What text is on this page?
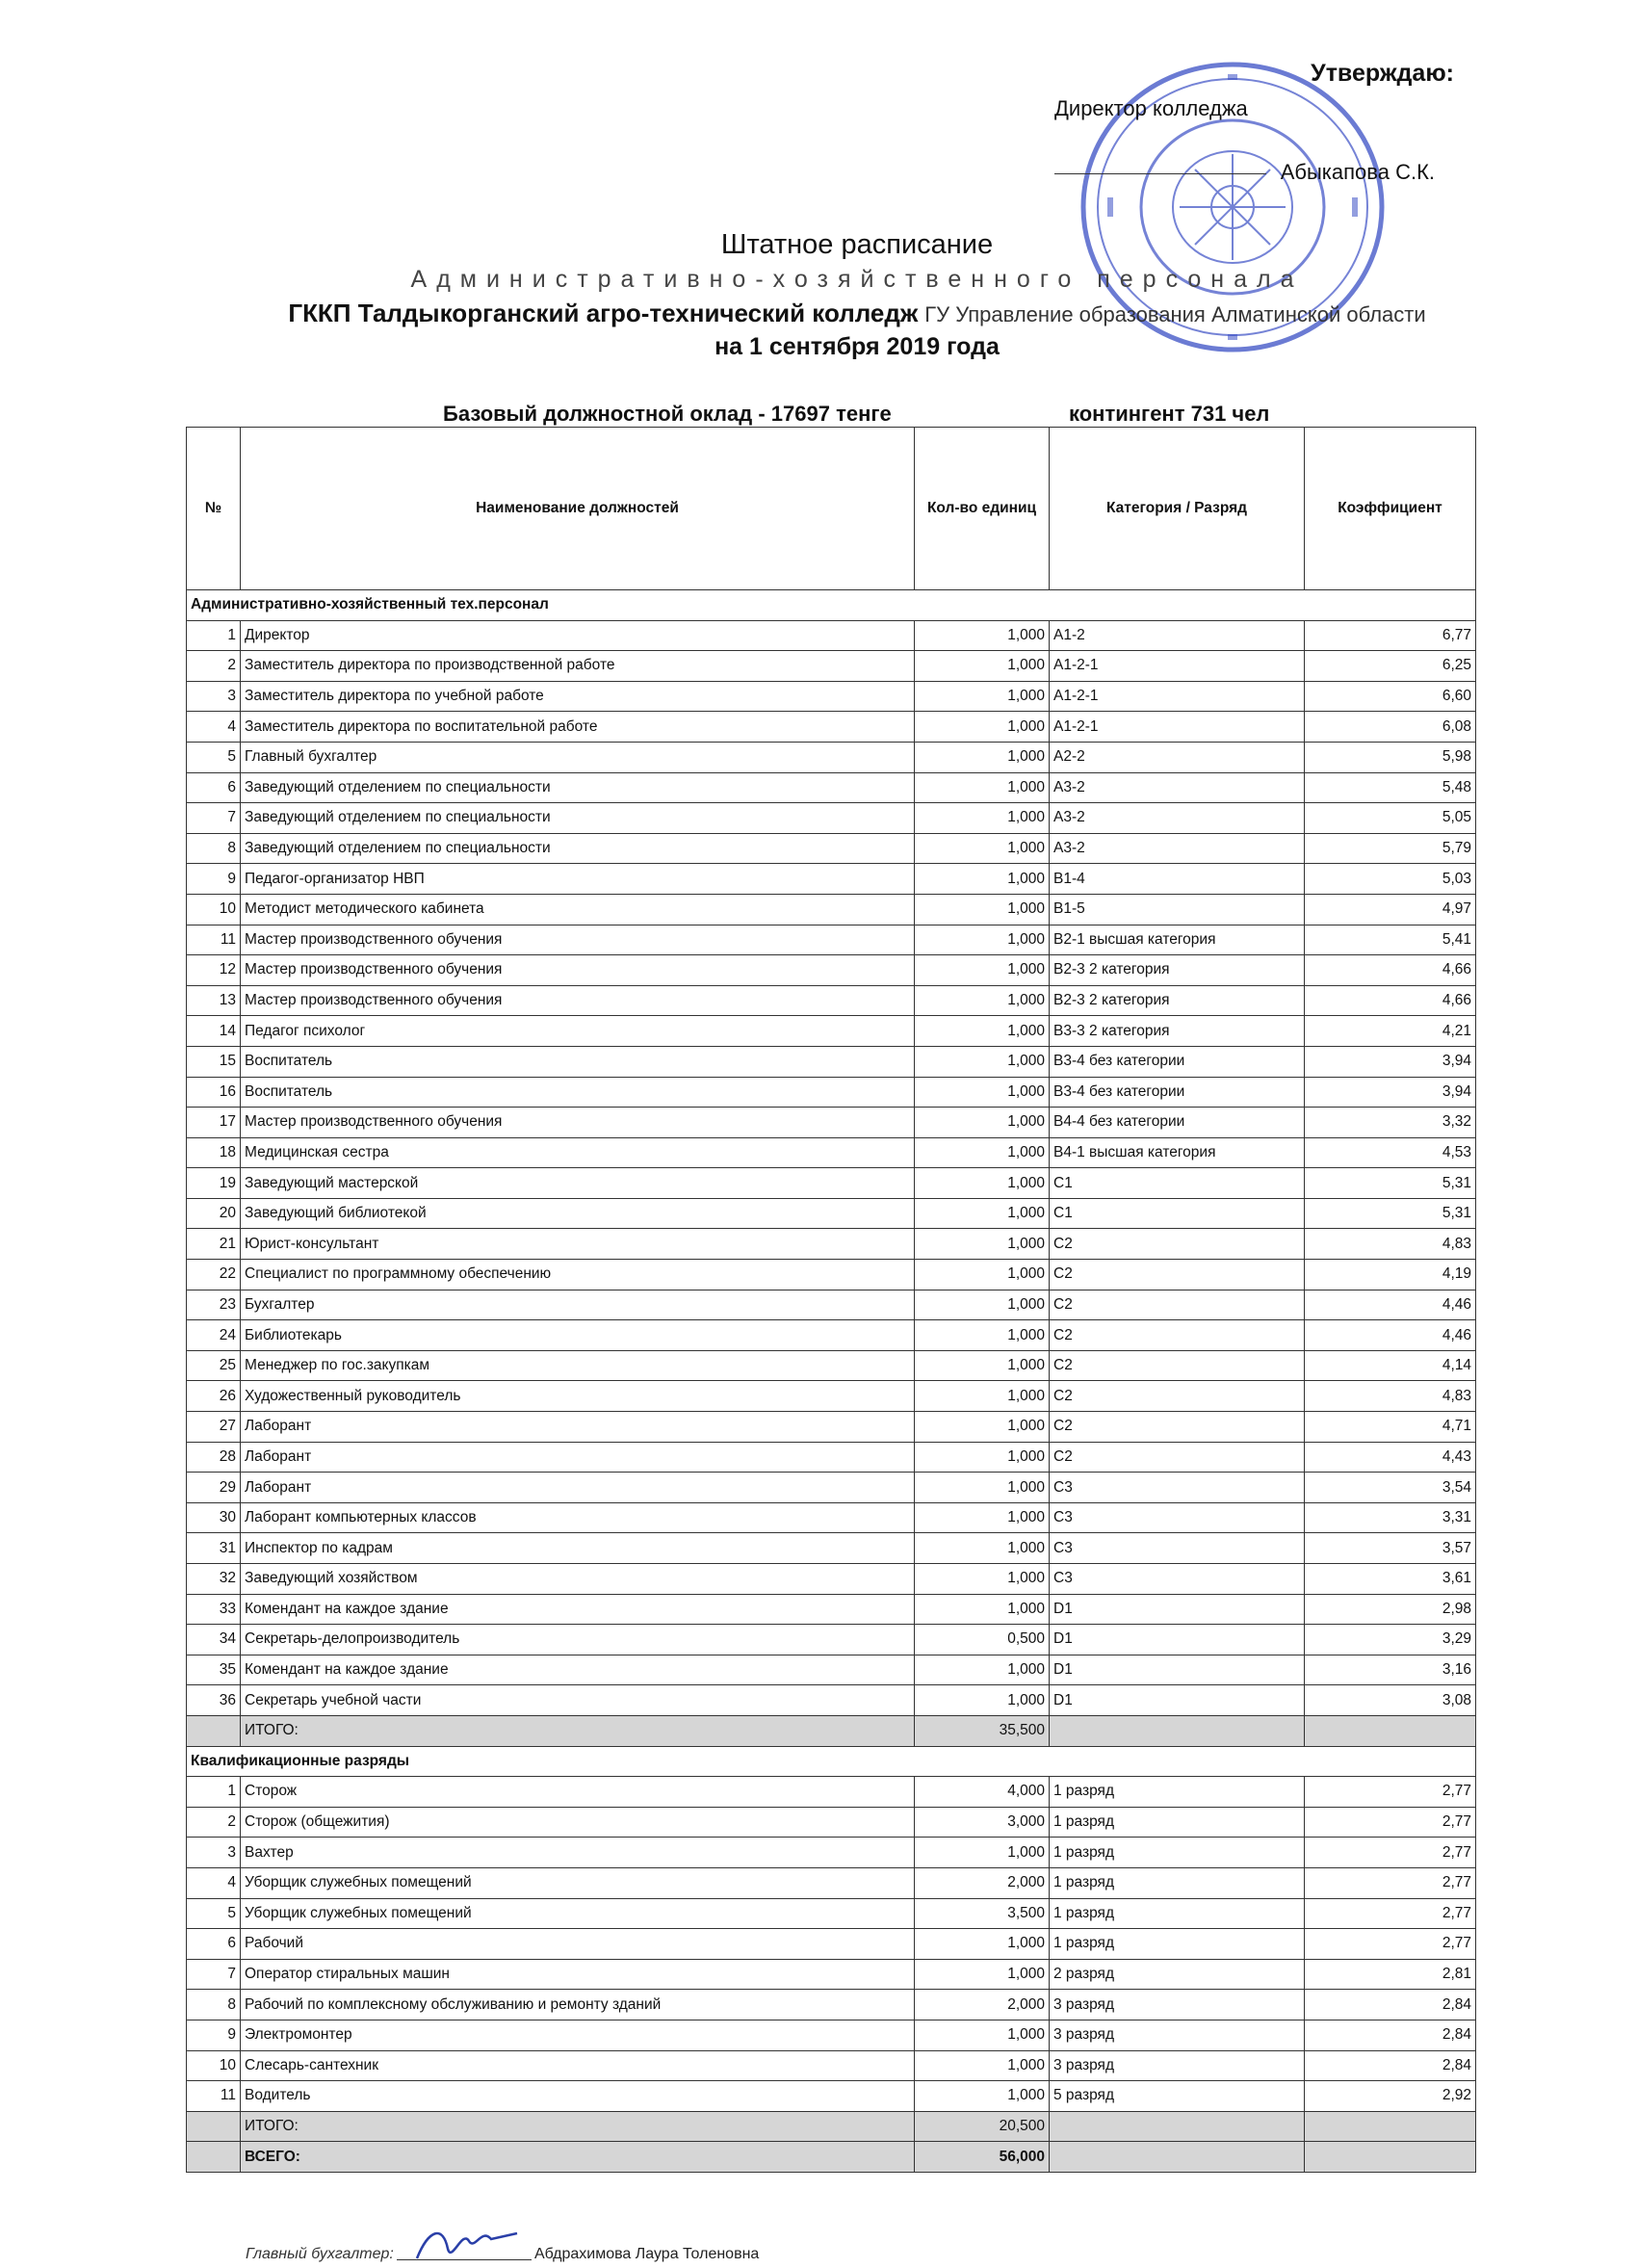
Утверждаю:
Директор колледжа
Абыкапова С.К.
Штатное расписание
Административно-хозяйственного персонала
ГККП Талдыкорганский агро-технический колледж ГУ Управление образования Алматинской области
на 1 сентября 2019 года
Базовый должностной оклад - 17697 тенге	контингент 731 чел
№	Наименование должностей	Кол-во единиц	Категория / Разряд	Коэффициент
Административно-хозяйственный тех.персонал				
1	Директор	1,000	А1-2	6,77
2	Заместитель директора по производственной работе	1,000	А1-2-1	6,25
3	Заместитель директора по учебной работе	1,000	А1-2-1	6,60
4	Заместитель директора по воспитательной работе	1,000	А1-2-1	6,08
5	Главный бухгалтер	1,000	А2-2	5,98
6	Заведующий отделением по специальности	1,000	А3-2	5,48
7	Заведующий отделением по специальности	1,000	А3-2	5,05
8	Заведующий отделением по специальности	1,000	А3-2	5,79
9	Педагог-организатор НВП	1,000	В1-4	5,03
10	Методист методического кабинета	1,000	В1-5	4,97
11	Мастер производственного обучения	1,000	В2-1 высшая категория	5,41
12	Мастер производственного обучения	1,000	В2-3 2 категория	4,66
13	Мастер производственного обучения	1,000	В2-3 2 категория	4,66
14	Педагог психолог	1,000	В3-3 2 категория	4,21
15	Воспитатель	1,000	В3-4 без категории	3,94
16	Воспитатель	1,000	В3-4 без категории	3,94
17	Мастер производственного обучения	1,000	В4-4 без категории	3,32
18	Медицинская сестра	1,000	В4-1 высшая категория	4,53
19	Заведующий мастерской	1,000	С1	5,31
20	Заведующий библиотекой	1,000	С1	5,31
21	Юрист-консультант	1,000	С2	4,83
22	Специалист по программному обеспечению	1,000	С2	4,19
23	Бухгалтер	1,000	С2	4,46
24	Библиотекарь	1,000	С2	4,46
25	Менеджер по гос.закупкам	1,000	С2	4,14
26	Художественный руководитель	1,000	С2	4,83
27	Лаборант	1,000	С2	4,71
28	Лаборант	1,000	С2	4,43
29	Лаборант	1,000	С3	3,54
30	Лаборант компьютерных классов	1,000	С3	3,31
31	Инспектор по кадрам	1,000	С3	3,57
32	Заведующий хозяйством	1,000	С3	3,61
33	Комендант на каждое здание	1,000	D1	2,98
34	Секретарь-делопроизводитель	0,500	D1	3,29
35	Комендант на каждое здание	1,000	D1	3,16
36	Секретарь учебной части	1,000	D1	3,08
	ИТОГО:	35,500		
Квалификационные разряды				
1	Сторож	4,000	1 разряд	2,77
2	Сторож (общежития)	3,000	1 разряд	2,77
3	Вахтер	1,000	1 разряд	2,77
4	Уборщик служебных помещений	2,000	1 разряд	2,77
5	Уборщик служебных помещений	3,500	1 разряд	2,77
6	Рабочий	1,000	1 разряд	2,77
7	Оператор стиральных машин	1,000	2 разряд	2,81
8	Рабочий по комплексному обслуживанию и ремонту зданий	2,000	3 разряд	2,84
9	Электромонтер	1,000	3 разряд	2,84
10	Слесарь-сантехник	1,000	3 разряд	2,84
11	Водитель	1,000	5 разряд	2,92
	ИТОГО:	20,500		
	ВСЕГО:	56,000		
Главный бухгалтер:	Абдрахимова Лаура Толеновна
